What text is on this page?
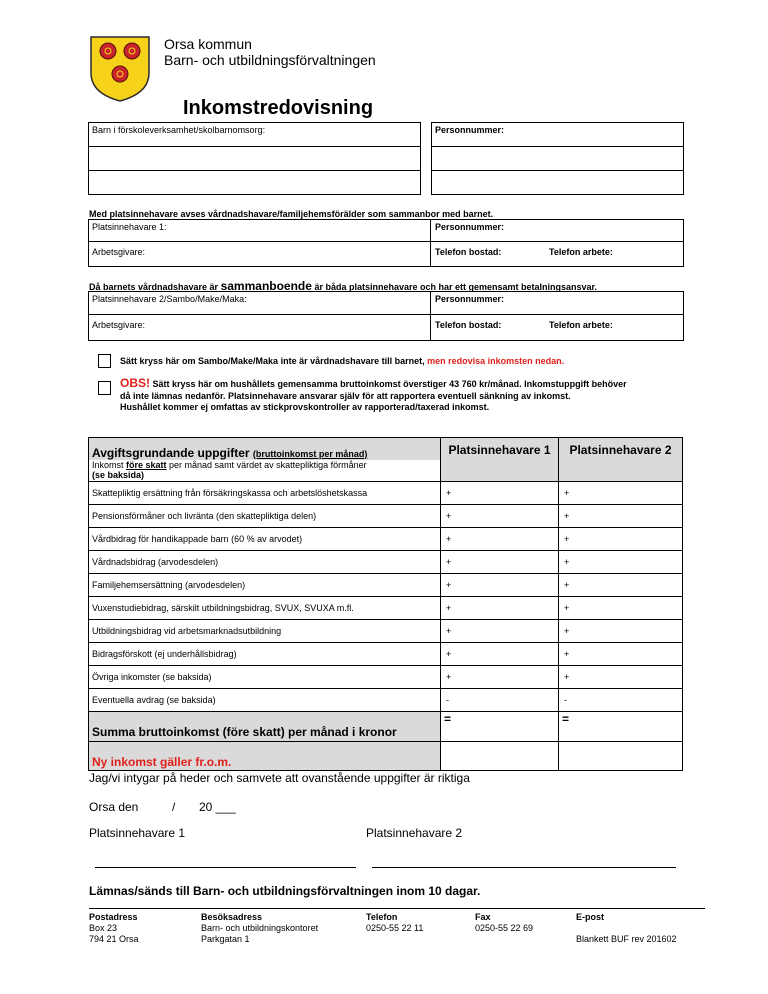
Orsa kommun
Barn- och utbildningsförvaltningen
Inkomstredovisning
Barn i förskoleverksamhet/skolbarnomsorg:	Personnummer:
Med platsinnehavare avses vårdnadshavare/familjehemsförälder som sammanbor med barnet.
Platsinnehavare 1:	Personnummer:
Arbetsgivare:	Telefon bostad:	Telefon arbete:
Då barnets vårdnadshavare är sammanboende är båda platsinnehavare och har ett gemensamt betalningsansvar.
Platsinnehavare 2/Sambo/Make/Maka:	Personnummer:
Arbetsgivare:	Telefon bostad:	Telefon arbete:
Sätt kryss här om Sambo/Make/Maka inte är vårdnadshavare till barnet, men redovisa inkomsten nedan.
OBS! Sätt kryss här om hushållets gemensamma bruttoinkomst överstiger 43 760 kr/månad. Inkomstuppgift behöver
då inte lämnas nedanför. Platsinnehavare ansvarar själv för att rapportera eventuell sänkning av inkomst.
Hushållet kommer ej omfattas av stickprovskontroller av rapporterad/taxerad inkomst.
Avgiftsgrundande uppgifter (bruttoinkomst per månad)	Platsinnehavare 1	Platsinnehavare 2
Inkomst före skatt per månad samt värdet av skattepliktiga förmåner
(se baksida)		
Skattepliktig ersättning från försäkringskassa och arbetslöshetskassa	+	+
Pensionsförmåner och livränta (den skattepliktiga delen)	+	+
Vårdbidrag för handikappade barn (60 % av arvodet)	+	+
Vårdnadsbidrag (arvodesdelen)	+	+
Familjehemsersättning (arvodesdelen)	+	+
Vuxenstudiebidrag, särskilt utbildningsbidrag, SVUX, SVUXA m.fl.	+	+
Utbildningsbidrag vid arbetsmarknadsutbildning	+	+
Bidragsförskott (ej underhållsbidrag)	+	+
Övriga inkomster (se baksida)	+	+
Eventuella avdrag (se baksida)	-	-
Summa bruttoinkomst (före skatt) per månad i kronor	=	=
Ny inkomst gäller fr.o.m.		
Jag/vi intygar på heder och samvete att ovanstående uppgifter är riktiga
Orsa den	/ 20 ___
Platsinnehavare 1	Platsinnehavare 2
Lämnas/sänds till Barn- och utbildningsförvaltningen inom 10 dagar.
Postadress
Box 23
794 21 Orsa
Besöksadress
Barn- och utbildningskontoret
Parkgatan 1
Telefon
0250-55 22 11
Fax
0250-55 22 69
E-post

Blankett BUF rev 201602
